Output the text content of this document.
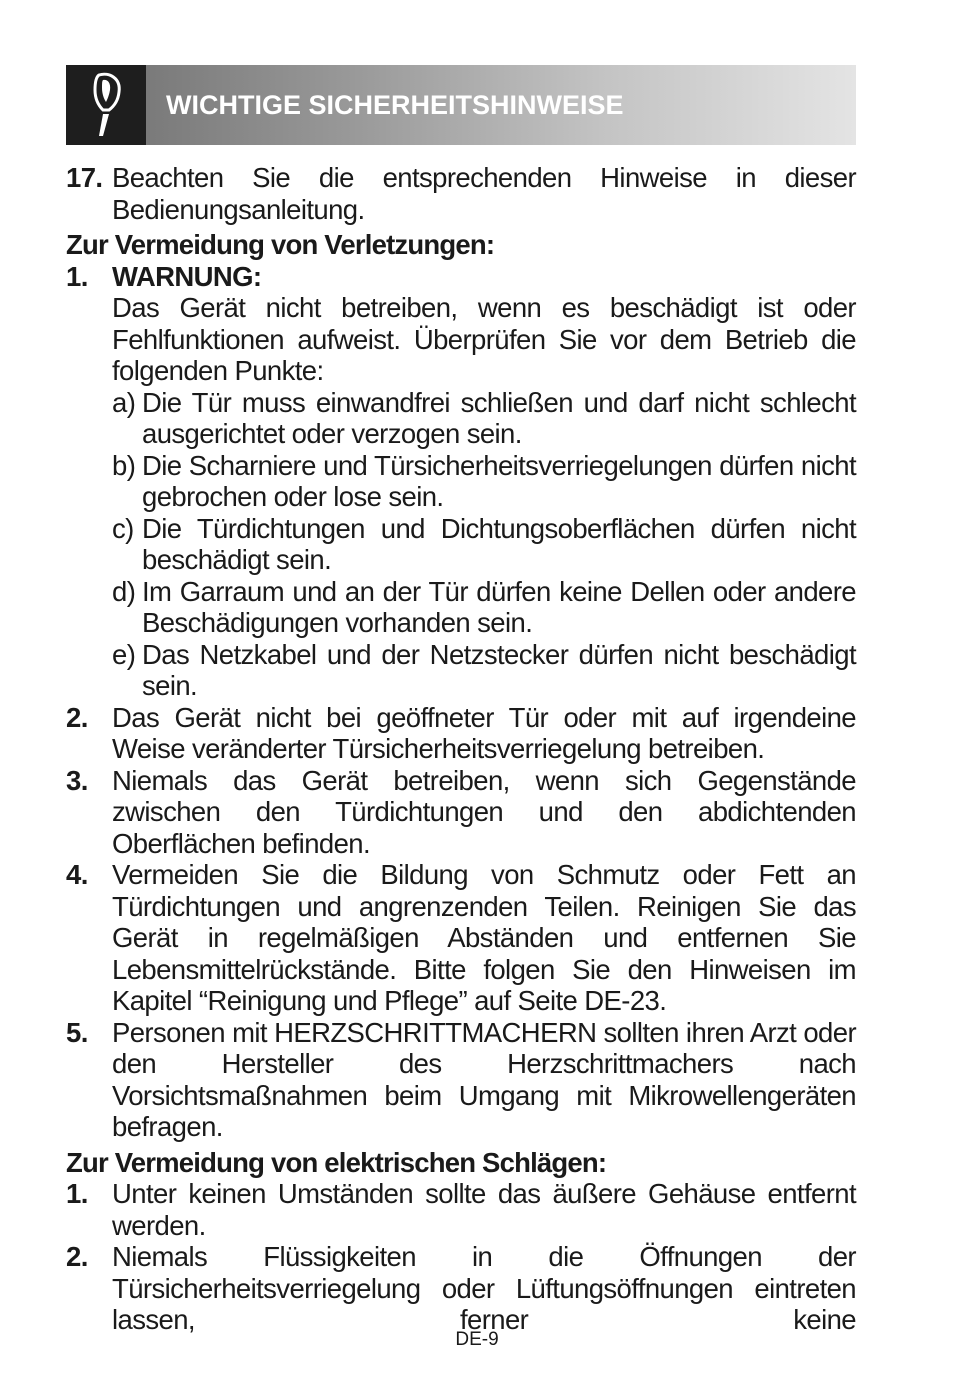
WICHTIGE SICHERHEITSHINWEISE
17. Beachten Sie die entsprechenden Hinweise in dieser Bedienungsanleitung.

Zur Vermeidung von Verletzungen:

1. WARNUNG:
Das Gerät nicht betreiben, wenn es beschädigt ist oder Fehlfunktionen aufweist. Überprüfen Sie vor dem Betrieb die folgenden Punkte:
a) Die Tür muss einwandfrei schließen und darf nicht schlecht ausgerichtet oder verzogen sein.
b) Die Scharniere und Türsicherheitsverriegelungen dürfen nicht gebrochen oder lose sein.
c) Die Türdichtungen und Dichtungsoberflächen dürfen nicht beschädigt sein.
d) Im Garraum und an der Tür dürfen keine Dellen oder andere Beschädigungen vorhanden sein.
e) Das Netzkabel und der Netzstecker dürfen nicht beschädigt sein.
2. Das Gerät nicht bei geöffneter Tür oder mit auf irgendeine Weise veränderter Türsicherheitsverriegelung betreiben.
3. Niemals das Gerät betreiben, wenn sich Gegenstände zwischen den Türdichtungen und den abdichtenden Oberflächen befinden.
4. Vermeiden Sie die Bildung von Schmutz oder Fett an Türdichtungen und angrenzenden Teilen. Reinigen Sie das Gerät in regelmäßigen Abständen und entfernen Sie Lebensmittelrückstände. Bitte folgen Sie den Hinweisen im Kapitel “Reinigung und Pflege” auf Seite DE-23.
5. Personen mit HERZSCHRITTMACHERN sollten ihren Arzt oder den Hersteller des Herzschrittmachers nach Vorsichtsmaßnahmen beim Umgang mit Mikrowellengeräten befragen.

Zur Vermeidung von elektrischen Schlägen:

1. Unter keinen Umständen sollte das äußere Gehäuse entfernt werden.
2. Niemals Flüssigkeiten in die Öffnungen der Türsicherheitsverriegelung oder Lüftungsöffnungen eintreten lassen, ferner keine
DE-9
